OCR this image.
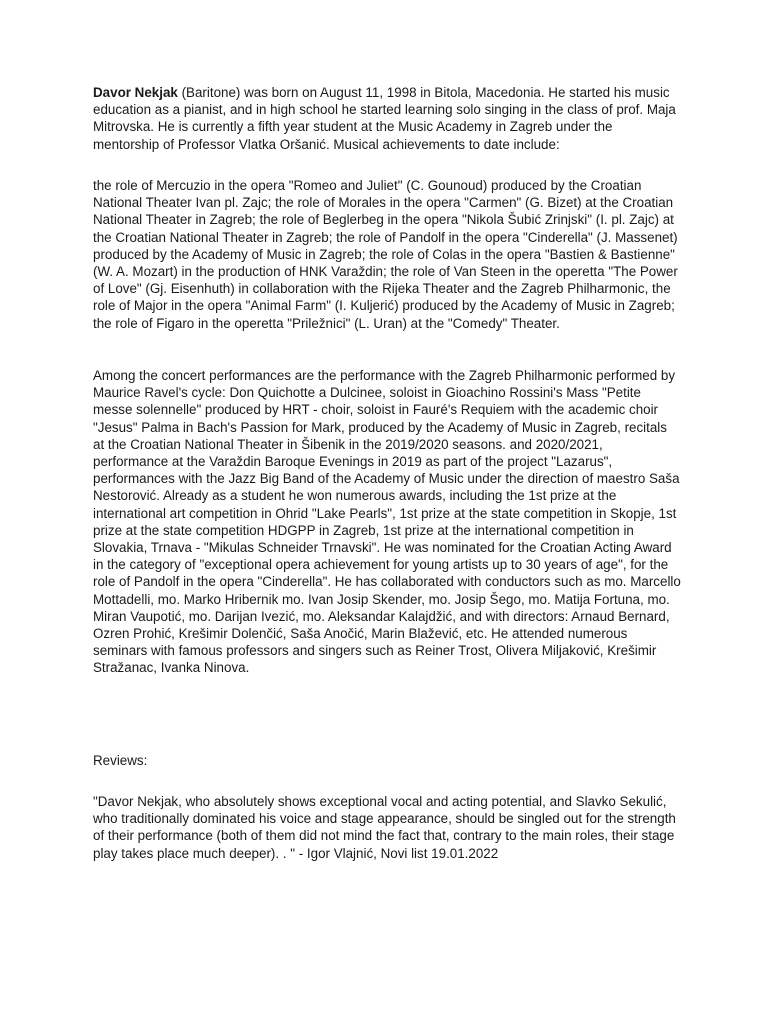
Davor Nekjak (Baritone) was born on August 11, 1998 in Bitola, Macedonia. He started his music education as a pianist, and in high school he started learning solo singing in the class of prof. Maja Mitrovska. He is currently a fifth year student at the Music Academy in Zagreb under the mentorship of Professor Vlatka Oršanić. Musical achievements to date include:

the role of Mercuzio in the opera "Romeo and Juliet" (C. Gounoud) produced by the Croatian National Theater Ivan pl. Zajc; the role of Morales in the opera "Carmen" (G. Bizet) at the Croatian National Theater in Zagreb; the role of Beglerbeg in the opera "Nikola Šubić Zrinjski" (I. pl. Zajc) at the Croatian National Theater in Zagreb; the role of Pandolf in the opera "Cinderella" (J. Massenet) produced by the Academy of Music in Zagreb; the role of Colas in the opera "Bastien & Bastienne" (W. A. Mozart) in the production of HNK Varaždin; the role of Van Steen in the operetta "The Power of Love" (Gj. Eisenhuth) in collaboration with the Rijeka Theater and the Zagreb Philharmonic, the role of Major in the opera "Animal Farm" (I. Kuljerić) produced by the Academy of Music in Zagreb; the role of Figaro in the operetta "Priležnici" (L. Uran) at the "Comedy" Theater.

Among the concert performances are the performance with the Zagreb Philharmonic performed by Maurice Ravel's cycle: Don Quichotte a Dulcinee, soloist in Gioachino Rossini's Mass "Petite messe solennelle" produced by HRT - choir, soloist in Fauré's Requiem with the academic choir "Jesus" Palma in Bach's Passion for Mark, produced by the Academy of Music in Zagreb, recitals at the Croatian National Theater in Šibenik in the 2019/2020 seasons. and 2020/2021, performance at the Varaždin Baroque Evenings in 2019 as part of the project "Lazarus", performances with the Jazz Big Band of the Academy of Music under the direction of maestro Saša Nestorović. Already as a student he won numerous awards, including the 1st prize at the international art competition in Ohrid "Lake Pearls", 1st prize at the state competition in Skopje, 1st prize at the state competition HDGPP in Zagreb, 1st prize at the international competition in Slovakia, Trnava - "Mikulas Schneider Trnavski". He was nominated for the Croatian Acting Award in the category of "exceptional opera achievement for young artists up to 30 years of age", for the role of Pandolf in the opera "Cinderella". He has collaborated with conductors such as mo. Marcello Mottadelli, mo. Marko Hribernik mo. Ivan Josip Skender, mo. Josip Šego, mo. Matija Fortuna, mo. Miran Vaupotić, mo. Darijan Ivezić, mo. Aleksandar Kalajdžić, and with directors: Arnaud Bernard, Ozren Prohić, Krešimir Dolenčić, Saša Anočić, Marin Blažević, etc. He attended numerous seminars with famous professors and singers such as Reiner Trost, Olivera Miljaković, Krešimir Stražanac, Ivanka Ninova.

Reviews:

"Davor Nekjak, who absolutely shows exceptional vocal and acting potential, and Slavko Sekulić, who traditionally dominated his voice and stage appearance, should be singled out for the strength of their performance (both of them did not mind the fact that, contrary to the main roles, their stage play takes place much deeper). . " - Igor Vlajnić, Novi list 19.01.2022
